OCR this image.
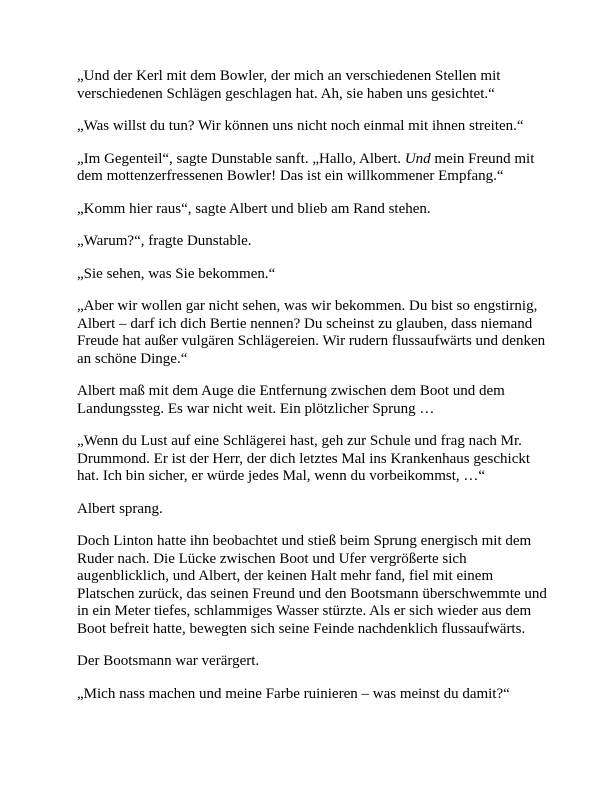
„Und der Kerl mit dem Bowler, der mich an verschiedenen Stellen mit verschiedenen Schlägen geschlagen hat. Ah, sie haben uns gesichtet.“

„Was willst du tun? Wir können uns nicht noch einmal mit ihnen streiten.“

„Im Gegenteil“, sagte Dunstable sanft. „Hallo, Albert. Und mein Freund mit dem mottenzerfressenen Bowler! Das ist ein willkommener Empfang.“

„Komm hier raus“, sagte Albert und blieb am Rand stehen.

„Warum?“, fragte Dunstable.

„Sie sehen, was Sie bekommen.“

„Aber wir wollen gar nicht sehen, was wir bekommen. Du bist so engstirnig, Albert – darf ich dich Bertie nennen? Du scheinst zu glauben, dass niemand Freude hat außer vulgären Schlägereien. Wir rudern flussaufwärts und denken an schöne Dinge.“

Albert maß mit dem Auge die Entfernung zwischen dem Boot und dem Landungssteg. Es war nicht weit. Ein plötzlicher Sprung …

„Wenn du Lust auf eine Schlägerei hast, geh zur Schule und frag nach Mr. Drummond. Er ist der Herr, der dich letztes Mal ins Krankenhaus geschickt hat. Ich bin sicher, er würde jedes Mal, wenn du vorbeikommst, …“

Albert sprang.

Doch Linton hatte ihn beobachtet und stieß beim Sprung energisch mit dem Ruder nach. Die Lücke zwischen Boot und Ufer vergrößerte sich augenblicklich, und Albert, der keinen Halt mehr fand, fiel mit einem Platschen zurück, das seinen Freund und den Bootsmann überschwemmte und in ein Meter tiefes, schlammiges Wasser stürzte. Als er sich wieder aus dem Boot befreit hatte, bewegten sich seine Feinde nachdenklich flussaufwärts.

Der Bootsmann war verärgert.

„Mich nass machen und meine Farbe ruinieren – was meinst du damit?“
